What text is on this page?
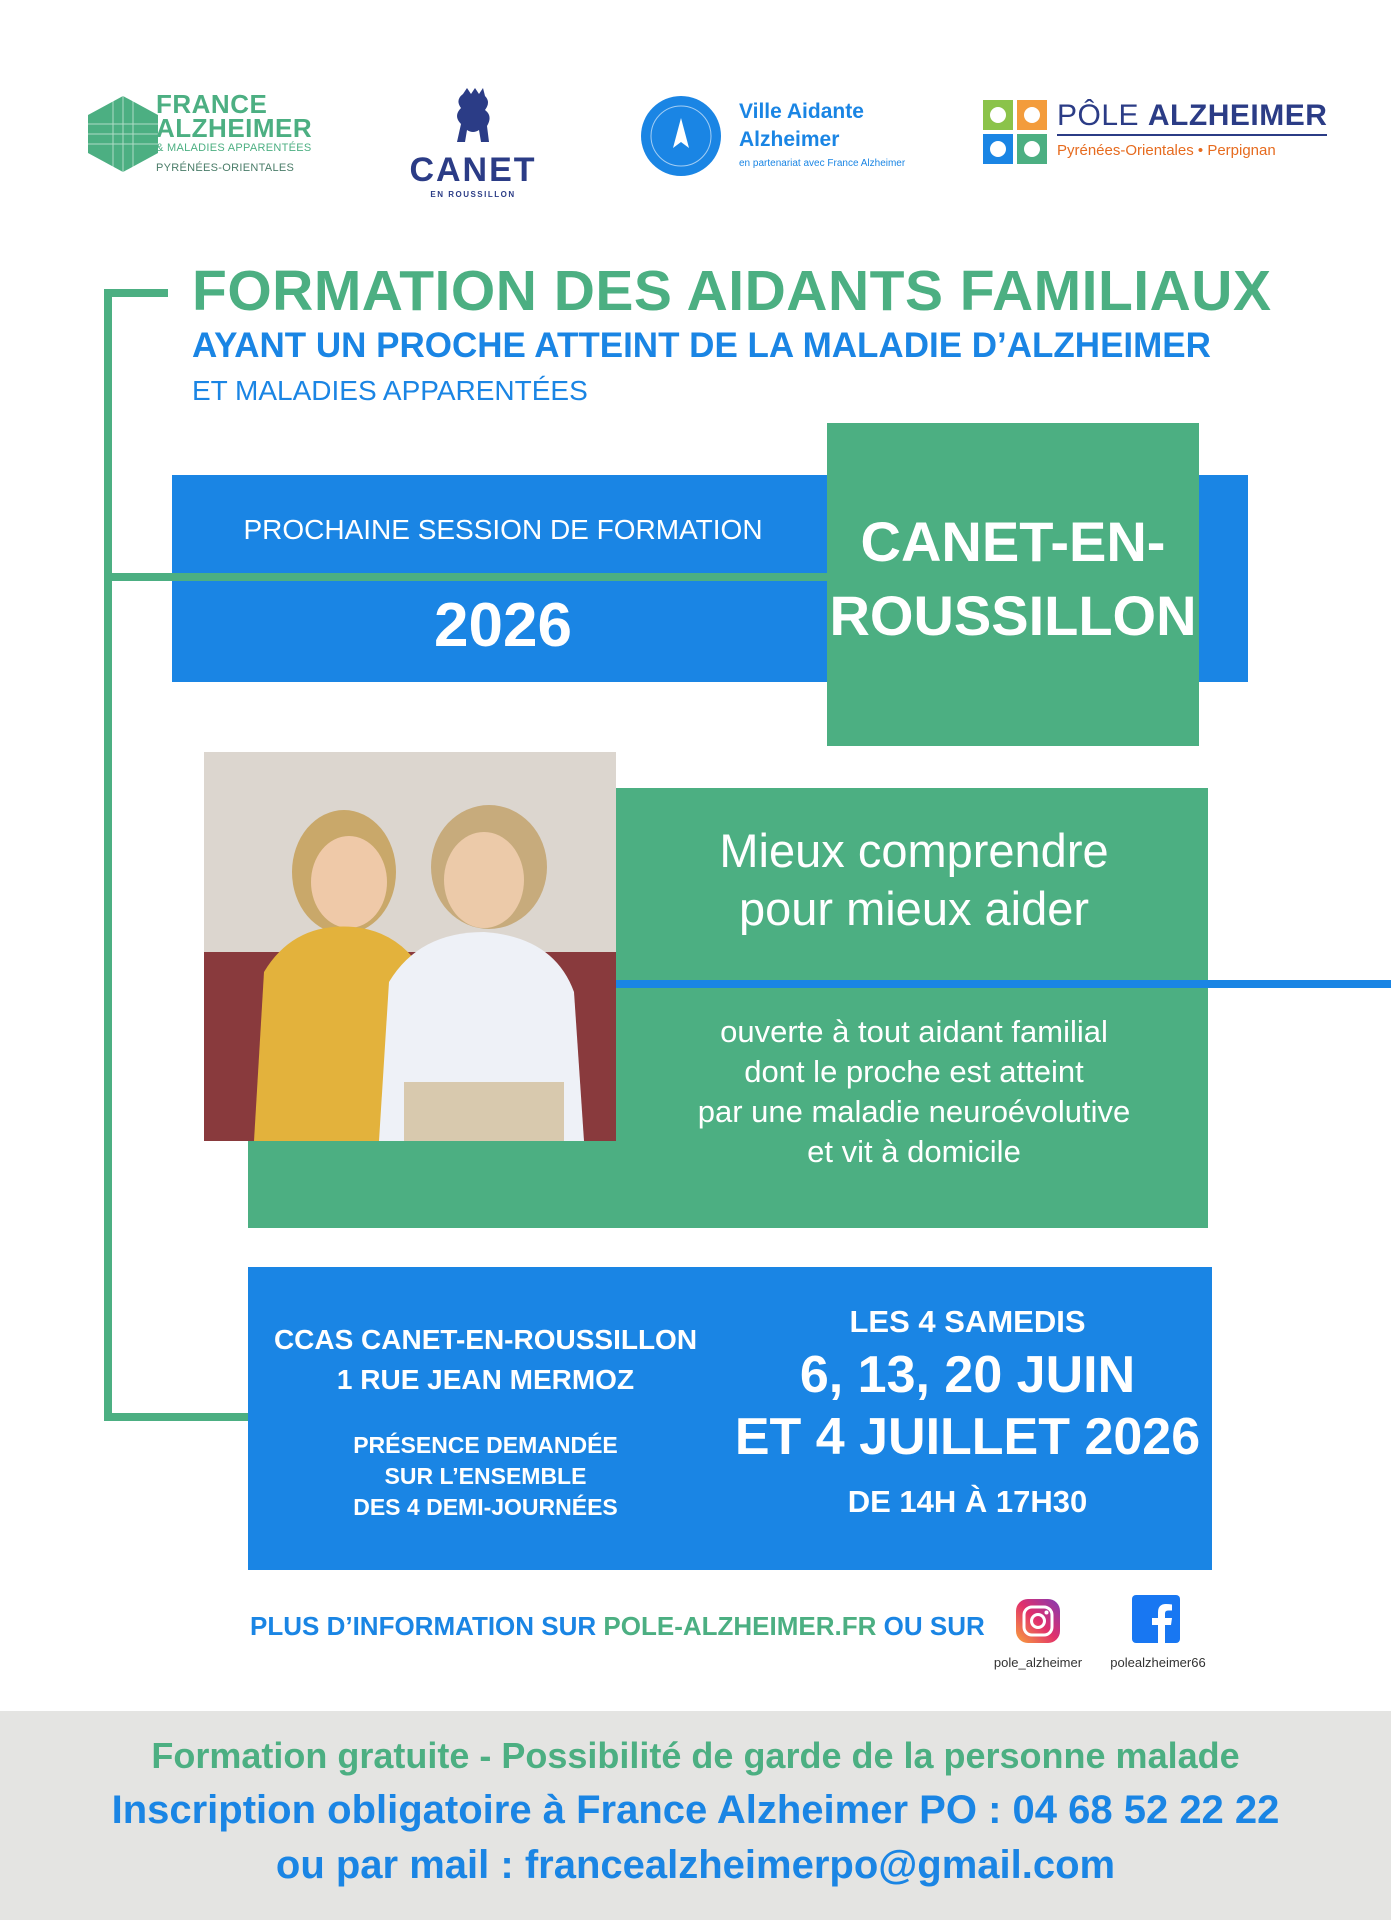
FRANCE
ALZHEIMER
& MALADIES APPARENTÉES
PYRÉNÉES-ORIENTALES	CANET
EN ROUSSILLON
Ville Aidante
Alzheimer
en partenariat avec France Alzheimer
PÔLE ALZHEIMER
Pyrénées-Orientales • Perpignan
FORMATION DES AIDANTS FAMILIAUX
AYANT UN PROCHE ATTEINT DE LA MALADIE D’ALZHEIMER
ET MALADIES APPARENTÉES
PROCHAINE SESSION DE FORMATION
2026
CANET-EN-
ROUSSILLON
Mieux comprendre
pour mieux aider
ouverte à tout aidant familial
dont le proche est atteint
par une maladie neuroévolutive
et vit à domicile
CCAS CANET-EN-ROUSSILLON
1 RUE JEAN MERMOZ
PRÉSENCE DEMANDÉE
SUR L’ENSEMBLE
DES 4 DEMI-JOURNÉES
LES 4 SAMEDIS
6, 13, 20 JUIN
ET 4 JUILLET 2026
DE 14H À 17H30
PLUS D’INFORMATION SUR POLE-ALZHEIMER.FR OU SUR
pole_alzheimer	polealzheimer66
Formation gratuite - Possibilité de garde de la personne malade
Inscription obligatoire à France Alzheimer PO : 04 68 52 22 22
ou par mail : francealzheimerpo@gmail.com
